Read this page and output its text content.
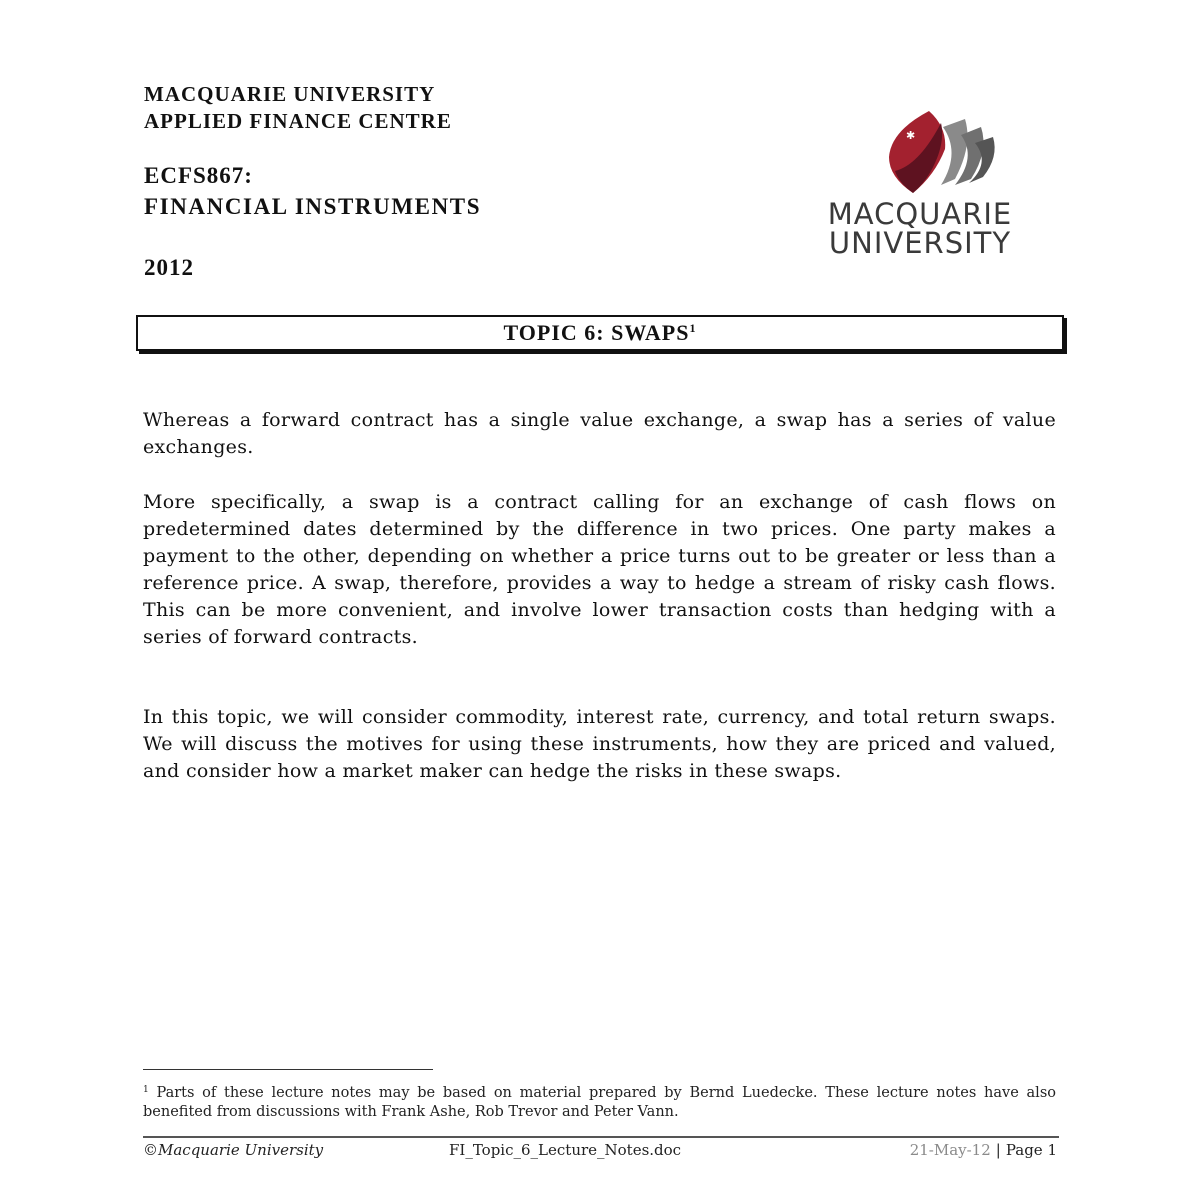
MACQUARIE UNIVERSITY
APPLIED FINANCE CENTRE
ECFS867:
FINANCIAL INSTRUMENTS
2012
✱
MACQUARIE
UNIVERSITY
TOPIC 6: SWAPS$^1$

Whereas a forward contract has a single value exchange, a swap has a series of value exchanges.

More specifically, a swap is a contract calling for an exchange of cash flows on predetermined dates determined by the difference in two prices. One party makes a payment to the other, depending on whether a price turns out to be greater or less than a reference price. A swap, therefore, provides a way to hedge a stream of risky cash flows. This can be more convenient, and involve lower transaction costs than hedging with a series of forward contracts.

In this topic, we will consider commodity, interest rate, currency, and total return swaps. We will discuss the motives for using these instruments, how they are priced and valued, and consider how a market maker can hedge the risks in these swaps.

$^1$ Parts of these lecture notes may be based on material prepared by Bernd Luedecke. These lecture notes have also benefited from discussions with Frank Ashe, Rob Trevor and Peter Vann.
©Macquarie University	FI_Topic_6_Lecture_Notes.doc	21-May-12 | Page 1
